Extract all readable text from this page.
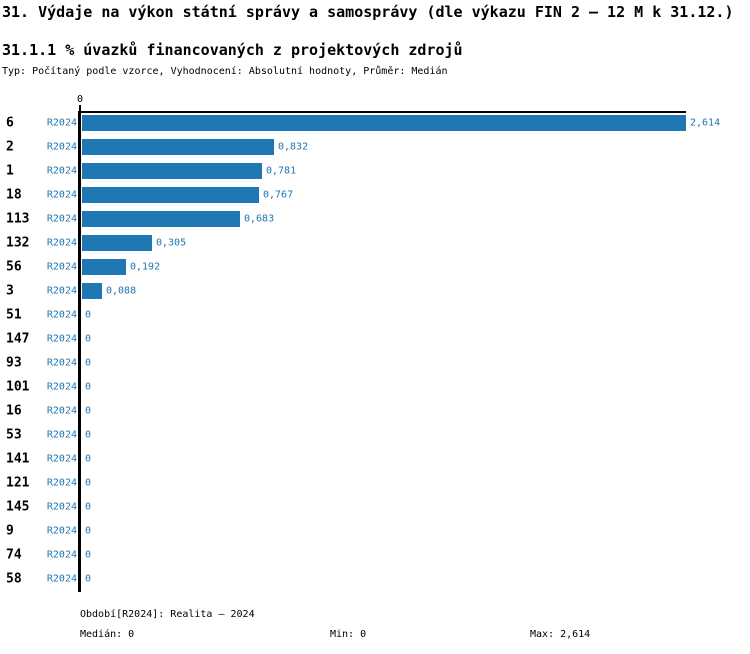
31. Výdaje na výkon státní správy a samosprávy (dle výkazu FIN 2 – 12 M k 31.12.)
31.1.1 % úvazků financovaných z projektových zdrojů
Typ: Počítaný podle vzorce, Vyhodnocení: Absolutní hodnoty, Průměr: Medián
0
6	R2024	2,614
2	R2024	0,832
1	R2024	0,781
18	R2024	0,767
113 R2024	0,683
132 R2024	0,305
56	R2024	0,192
3	R2024	0,088
51	R2024 0
147 R2024 0
93	R2024 0
101 R2024 0
16	R2024 0
53	R2024 0
141 R2024 0
121 R2024 0
145 R2024 0
9	R2024 0
74	R2024 0
58	R2024 0
Období[R2024]: Realita – 2024
Medián: 0	Min: 0	Max: 2,614
